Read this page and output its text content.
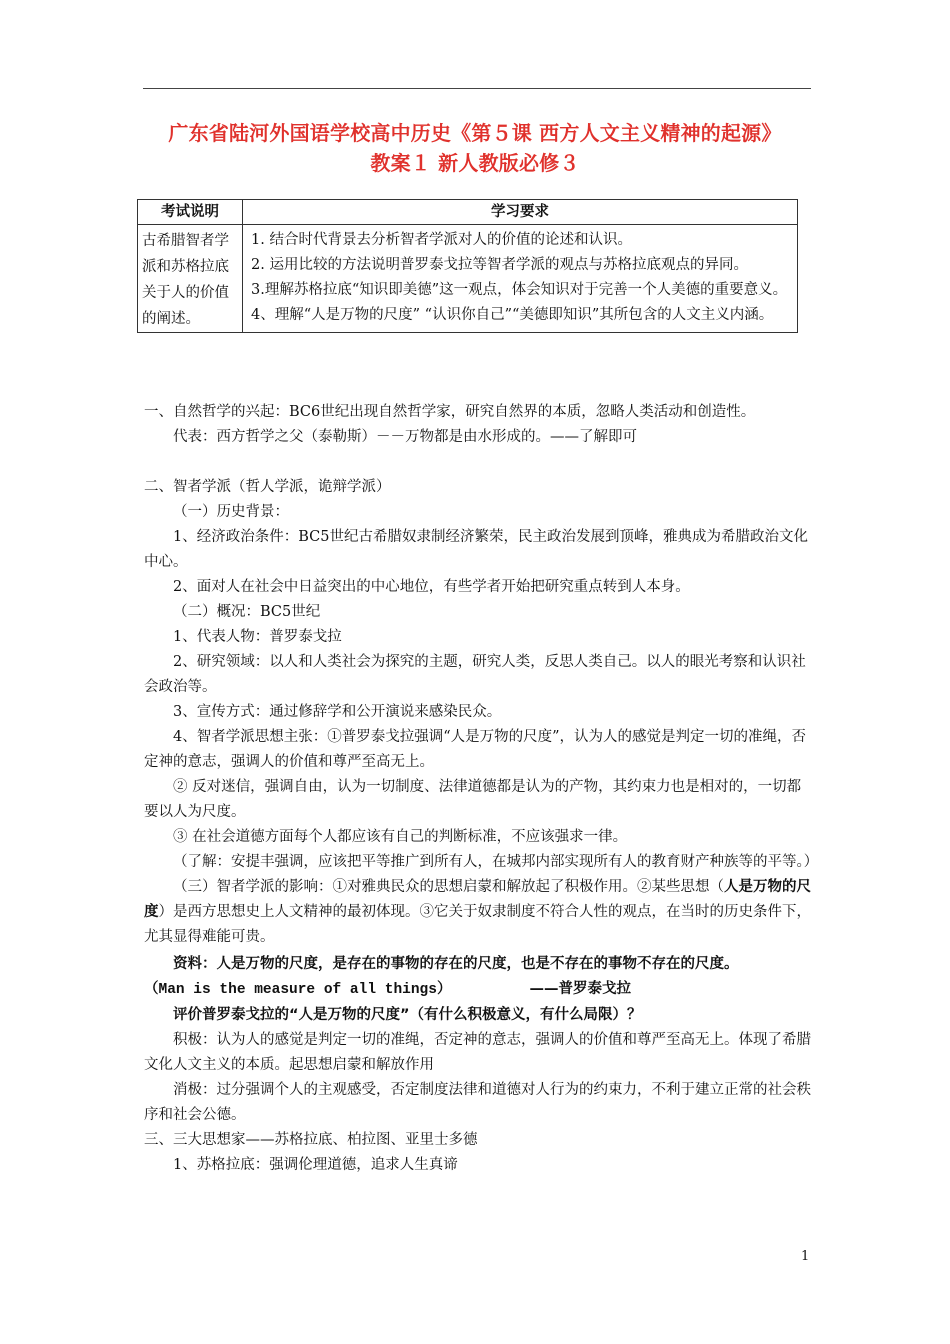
广东省陆河外国语学校高中历史《第５课 西方人文主义精神的起源》
教案１ 新人教版必修３
考试说明	学习要求
古希腊智者学派和苏格拉底关于人的价值的阐述。	1. 结合时代背景去分析智者学派对人的价值的论述和认识。

2. 运用比较的方法说明普罗泰戈拉等智者学派的观点与苏格拉底观点的异同。

3.理解苏格拉底“知识即美德”这一观点，体会知识对于完善一个人美德的重要意义。

4、理解“人是万物的尺度” “认识你自己”“美德即知识”其所包含的人文主义内涵。

一、自然哲学的兴起：BC6世纪出现自然哲学家，研究自然界的本质，忽略人类活动和创造性。

代表：西方哲学之父（泰勒斯）－－万物都是由水形成的。——了解即可

二、智者学派（哲人学派，诡辩学派）

（一）历史背景：

1、经济政治条件：BC5世纪古希腊奴隶制经济繁荣，民主政治发展到顶峰，雅典成为希腊政治文化中心。

2、面对人在社会中日益突出的中心地位，有些学者开始把研究重点转到人本身。

（二）概况：BC5世纪

1、代表人物：普罗泰戈拉

2、研究领域：以人和人类社会为探究的主题，研究人类，反思人类自己。以人的眼光考察和认识社会政治等。

3、宣传方式：通过修辞学和公开演说来感染民众。

4、智者学派思想主张：①普罗泰戈拉强调“人是万物的尺度”，认为人的感觉是判定一切的准绳，否定神的意志，强调人的价值和尊严至高无上。

② 反对迷信，强调自由，认为一切制度、法律道德都是认为的产物，其约束力也是相对的，一切都要以人为尺度。

③ 在社会道德方面每个人都应该有自己的判断标准，不应该强求一律。

（了解：安提丰强调，应该把平等推广到所有人，在城邦内部实现所有人的教育财产种族等的平等。）

（三）智者学派的影响：①对雅典民众的思想启蒙和解放起了积极作用。②某些思想（人是万物的尺度）是西方思想史上人文精神的最初体现。③它关于奴隶制度不符合人性的观点，在当时的历史条件下，尤其显得难能可贵。

资料：人是万物的尺度，是存在的事物的存在的尺度，也是不存在的事物不存在的尺度。

（Man is the measure of all things）	——普罗泰戈拉

评价普罗泰戈拉的“人是万物的尺度”（有什么积极意义，有什么局限）？

积极：认为人的感觉是判定一切的准绳，否定神的意志，强调人的价值和尊严至高无上。体现了希腊文化人文主义的本质。起思想启蒙和解放作用

消极：过分强调个人的主观感受，否定制度法律和道德对人行为的约束力，不利于建立正常的社会秩序和社会公德。

三、三大思想家——苏格拉底、柏拉图、亚里士多德

1、苏格拉底：强调伦理道德，追求人生真谛

1
